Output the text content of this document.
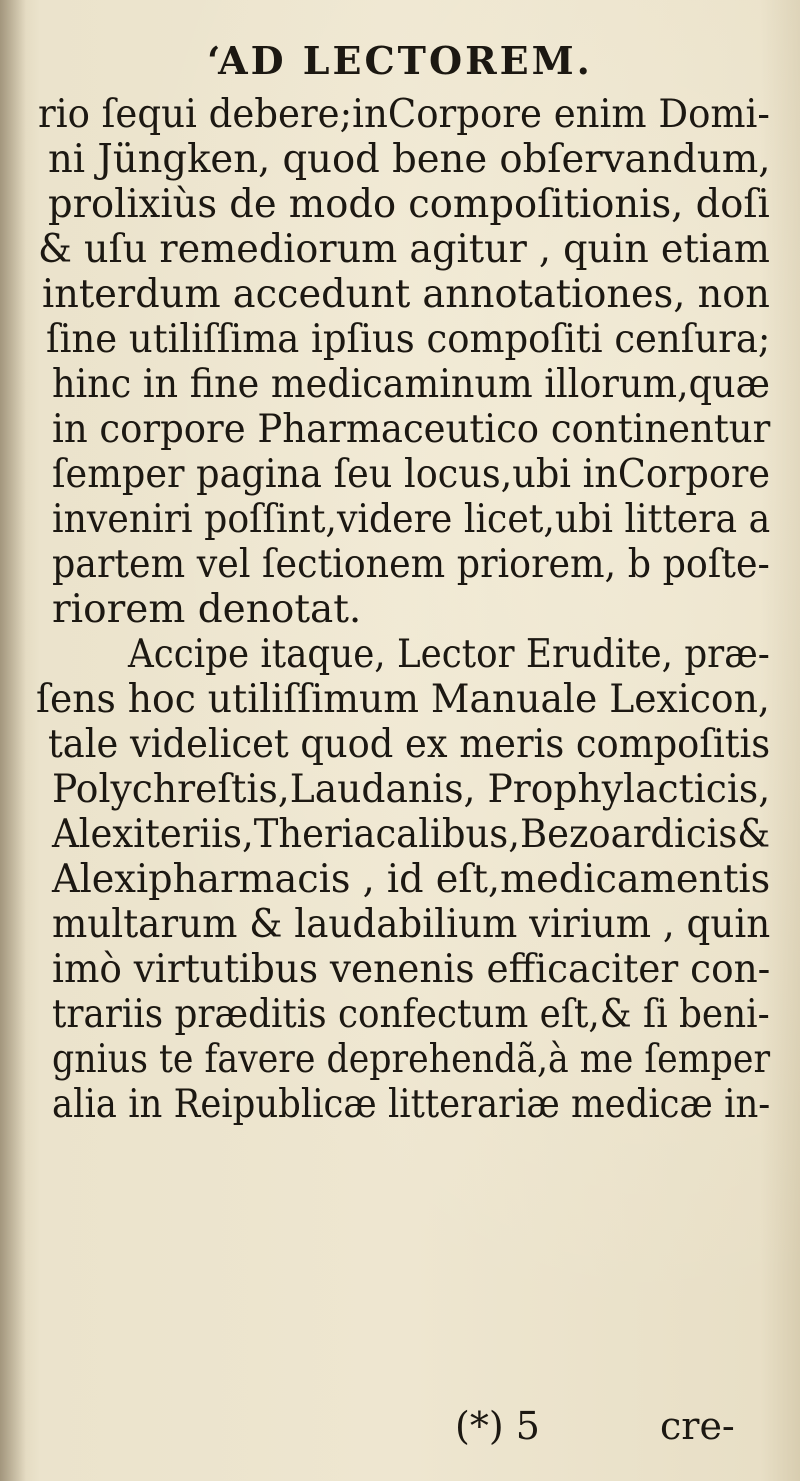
ʻAD LECTOREM.
rio ſequi debere;inCorpore enim Domi-
ni Jüngken, quod bene obſervandum,
prolixiùs de modo compoſitionis, doſi
& uſu remediorum agitur , quin etiam
interdum accedunt annotationes, non
ſine utiliſſima ipſius compoſiti cenſura;
hinc in fine medicaminum illorum,quæ
in corpore Pharmaceutico continentur
ſemper pagina ſeu locus,ubi inCorpore
inveniri poſſint,videre licet,ubi littera a
partem vel ſectionem priorem, b poſte-
riorem denotat.
Accipe itaque, Lector Erudite, præ-
ſens hoc utiliſſimum Manuale Lexicon,
tale videlicet quod ex meris compoſitis
Polychreſtis,Laudanis, Prophylacticis,
Alexiteriis,Theriacalibus,Bezoardicis&
Alexipharmacis , id eſt,medicamentis
multarum & laudabilium virium , quin
imò virtutibus venenis efficaciter con-
trariis præditis confectum eſt,& ſi beni-
gnius te favere deprehendã,à me ſemper
alia in Reipublicæ litterariæ medicæ in-
(*) 5	cre-
